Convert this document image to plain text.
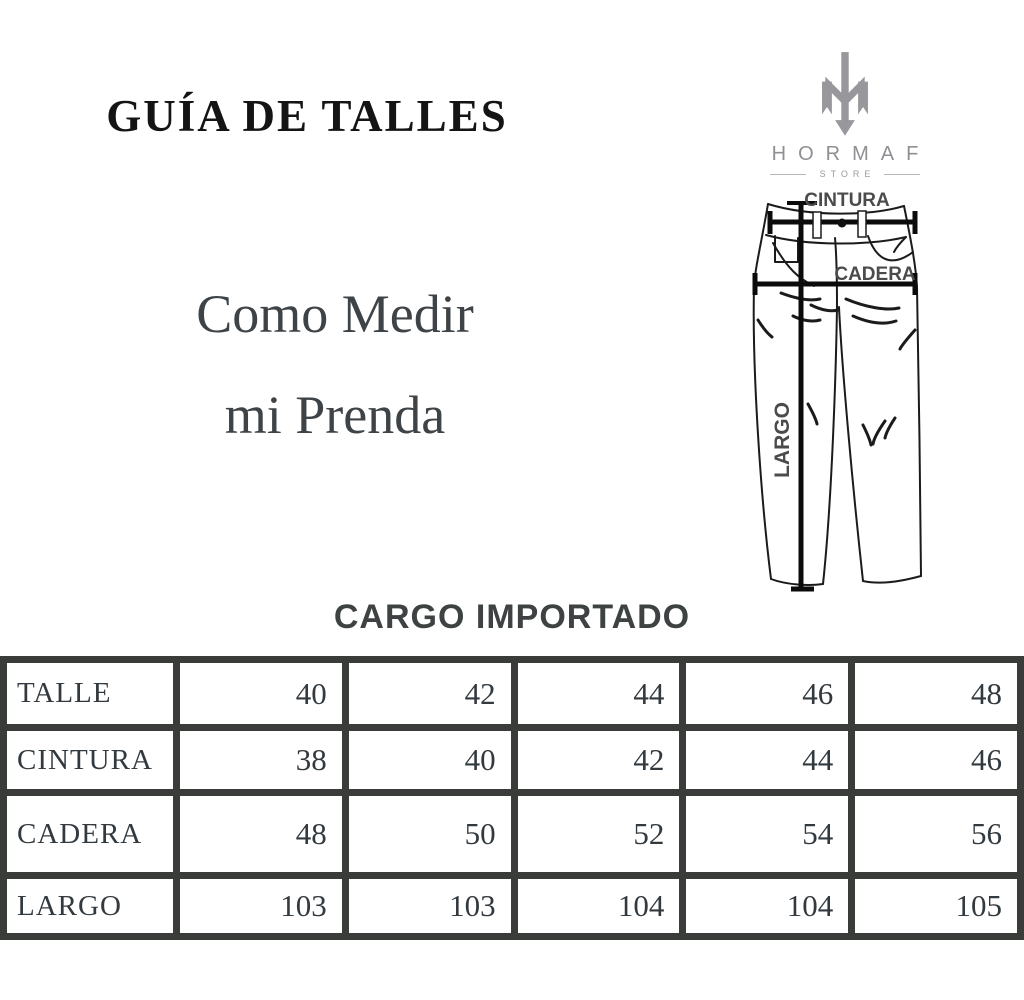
GUÍA DE TALLES
Como Medir
mi Prenda
HORMAF
STORE
CINTURA
CADERA
LARGO
CARGO IMPORTADO
TALLE	40	42	44	46	48
CINTURA	38	40	42	44	46
CADERA	48	50	52	54	56
LARGO	103	103	104	104	105
